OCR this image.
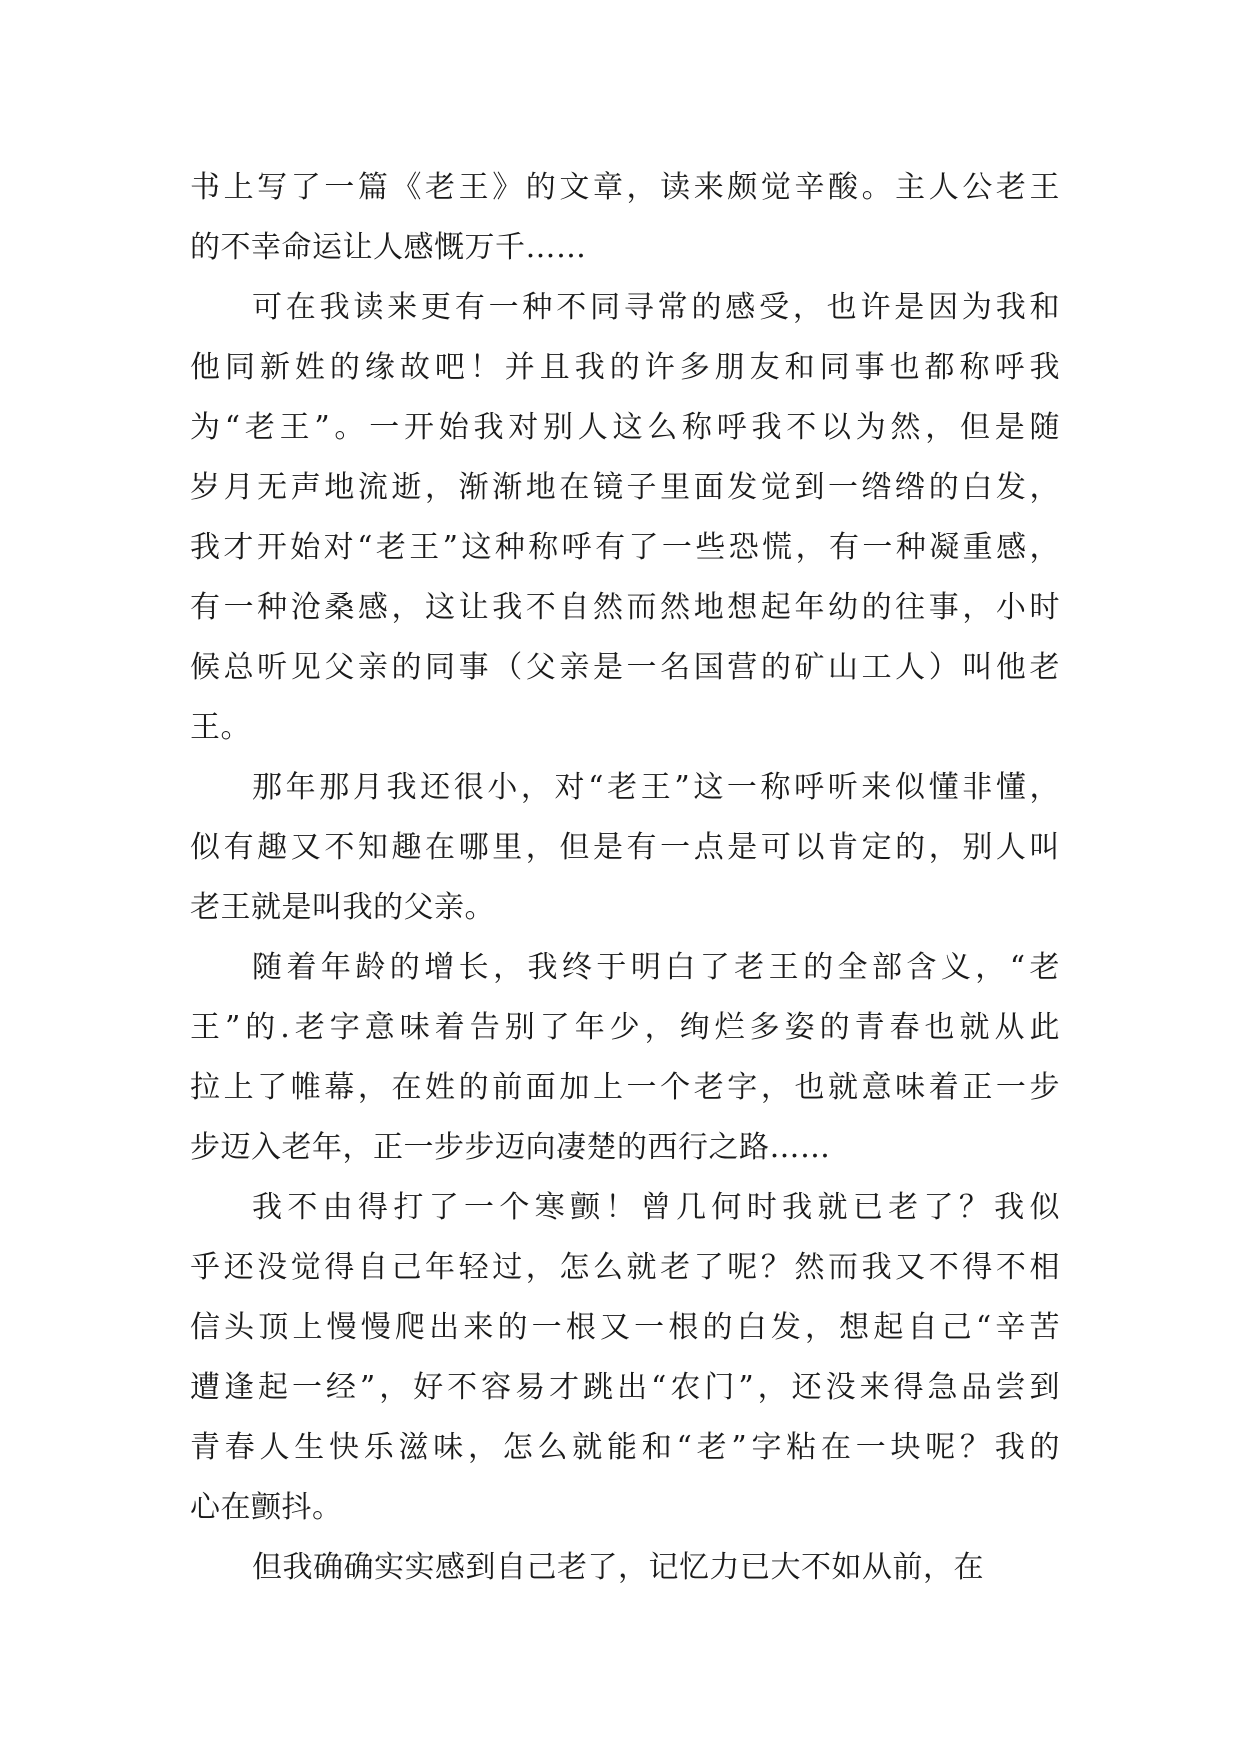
书上写了一篇《老王》的文章，读来颇觉辛酸。主人公老王
的不幸命运让人感慨万千……
可在我读来更有一种不同寻常的感受，也许是因为我和
他同新姓的缘故吧！并且我的许多朋友和同事也都称呼我
为“老王”。一开始我对别人这么称呼我不以为然，但是随
岁月无声地流逝，渐渐地在镜子里面发觉到一绺绺的白发，
我才开始对“老王”这种称呼有了一些恐慌，有一种凝重感，
有一种沧桑感，这让我不自然而然地想起年幼的往事，小时
候总听见父亲的同事（父亲是一名国营的矿山工人）叫他老
王。
那年那月我还很小，对“老王”这一称呼听来似懂非懂，
似有趣又不知趣在哪里，但是有一点是可以肯定的，别人叫
老王就是叫我的父亲。
随着年龄的增长，我终于明白了老王的全部含义，“老
王”的.老字意味着告别了年少，绚烂多姿的青春也就从此
拉上了帷幕，在姓的前面加上一个老字，也就意味着正一步
步迈入老年，正一步步迈向凄楚的西行之路……
我不由得打了一个寒颤！曾几何时我就已老了？我似
乎还没觉得自己年轻过，怎么就老了呢？然而我又不得不相
信头顶上慢慢爬出来的一根又一根的白发，想起自己“辛苦
遭逢起一经”，好不容易才跳出“农门”，还没来得急品尝到
青春人生快乐滋味，怎么就能和“老”字粘在一块呢？我的
心在颤抖。
但我确确实实感到自己老了，记忆力已大不如从前，在
